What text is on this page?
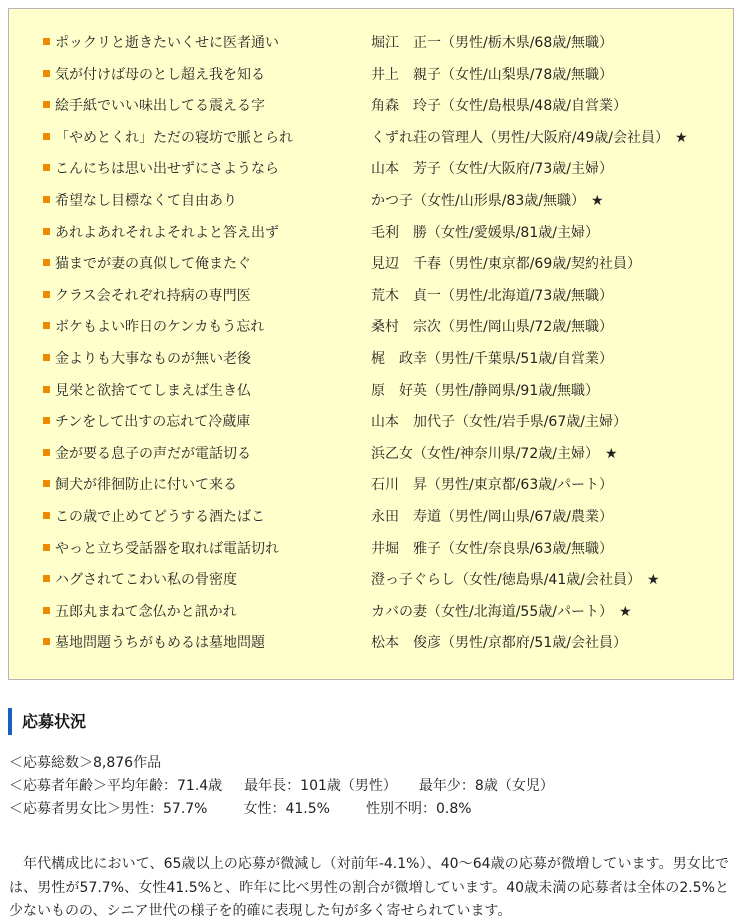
ポックリと逝きたいくせに医者通い	堀江　正一（男性/栃木県/68歳/無職）
気が付けば母のとし超え我を知る	井上　親子（女性/山梨県/78歳/無職）
絵手紙でいい味出してる震える字	角森　玲子（女性/島根県/48歳/自営業）
「やめとくれ」ただの寝坊で脈とられ	くずれ荘の管理人（男性/大阪府/49歳/会社員） ★
こんにちは思い出せずにさようなら	山本　芳子（女性/大阪府/73歳/主婦）
希望なし目標なくて自由あり	かつ子（女性/山形県/83歳/無職） ★
あれよあれそれよそれよと答え出ず	毛利　勝（女性/愛媛県/81歳/主婦）
猫までが妻の真似して俺またぐ	見辺　千春（男性/東京都/69歳/契約社員）
クラス会それぞれ持病の専門医	荒木　貞一（男性/北海道/73歳/無職）
ボケもよい昨日のケンカもう忘れ	桑村　宗次（男性/岡山県/72歳/無職）
金よりも大事なものが無い老後	梶　政幸（男性/千葉県/51歳/自営業）
見栄と欲捨ててしまえば生き仏	原　好英（男性/静岡県/91歳/無職）
チンをして出すの忘れて冷蔵庫	山本　加代子（女性/岩手県/67歳/主婦）
金が要る息子の声だが電話切る	浜乙女（女性/神奈川県/72歳/主婦） ★
飼犬が徘徊防止に付いて来る	石川　昇（男性/東京都/63歳/パート）
この歳で止めてどうする酒たばこ	永田　寿道（男性/岡山県/67歳/農業）
やっと立ち受話器を取れば電話切れ	井堀　雅子（女性/奈良県/63歳/無職）
ハグされてこわい私の骨密度	澄っ子ぐらし（女性/徳島県/41歳/会社員） ★
五郎丸まねて念仏かと訊かれ	カバの妻（女性/北海道/55歳/パート） ★
墓地問題うちがもめるは墓地問題	松本　俊彦（男性/京都府/51歳/会社員）
応募状況
＜応募総数＞8,876作品
＜応募者年齢＞平均年齢：71.4歳 最年長：101歳（男性） 最年少：8歳（女児）
＜応募者男女比＞男性：57.7%	女性：41.5%	性別不明：0.8%

年代構成比において、65歳以上の応募が微減し（対前年-4.1%）、40～64歳の応募が微増しています。男女比では、男性が57.7%、女性41.5%と、昨年に比べ男性の割合が微増しています。40歳未満の応募者は全体の2.5%と少ないものの、シニア世代の様子を的確に表現した句が多く寄せられています。
